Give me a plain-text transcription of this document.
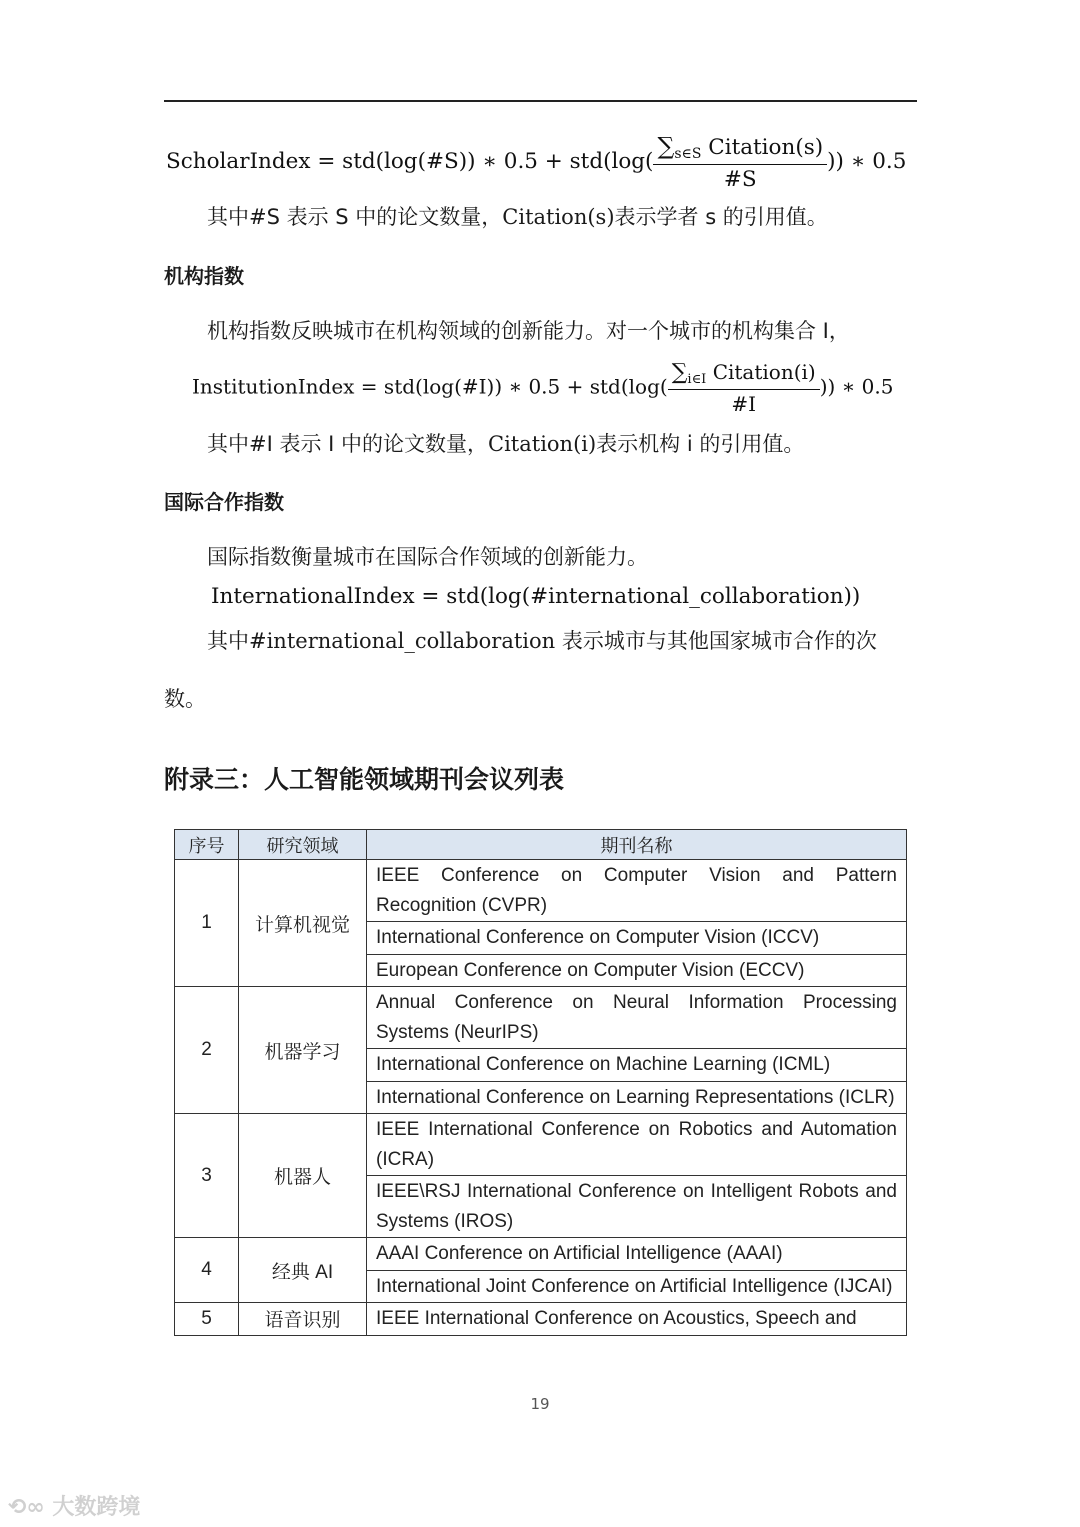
ScholarIndex = std(log(#S)) ∗ $0.5 + std(\log( \frac{\sum_{s\in S} Citation(s)}{\#S}$ )) ∗ 0.5
其中#S 表示 S 中的论文数量，Citation(s)表示学者 s 的引用值。
机构指数
机构指数反映城市在机构领域的创新能力。对一个城市的机构集合 I，
InstitutionIndex = std(log(#I)) ∗ $0.5 + std(\log( \frac{\sum_{i\in I} Citation(i)}{\#I}$ )) ∗ 0.5
其中#I 表示 I 中的论文数量，Citation(i)表示机构 i 的引用值。
国际合作指数
国际指数衡量城市在国际合作领域的创新能力。
InternationalIndex = std(log(#international_collaboration))
其中#international_collaboration 表示城市与其他国家城市合作的次
数。
附录三：人工智能领域期刊会议列表
序号	研究领域	期刊名称
1	计算机视觉	IEEE Conference on Computer Vision and Pattern Recognition (CVPR)
		International Conference on Computer Vision (ICCV)
		European Conference on Computer Vision (ECCV)
2	机器学习	Annual Conference on Neural Information Processing Systems (NeurIPS)
		International Conference on Machine Learning (ICML)
		International Conference on Learning Representations (ICLR)
3	机器人	IEEE International Conference on Robotics and Automation (ICRA)
		IEEE\RSJ International Conference on Intelligent Robots and Systems (IROS)
4	经典 AI	AAAI Conference on Artificial Intelligence (AAAI)
		International Joint Conference on Artificial Intelligence (IJCAI)
5	语音识别	IEEE International Conference on Acoustics, Speech and
19
⟲∞ 大数跨境
